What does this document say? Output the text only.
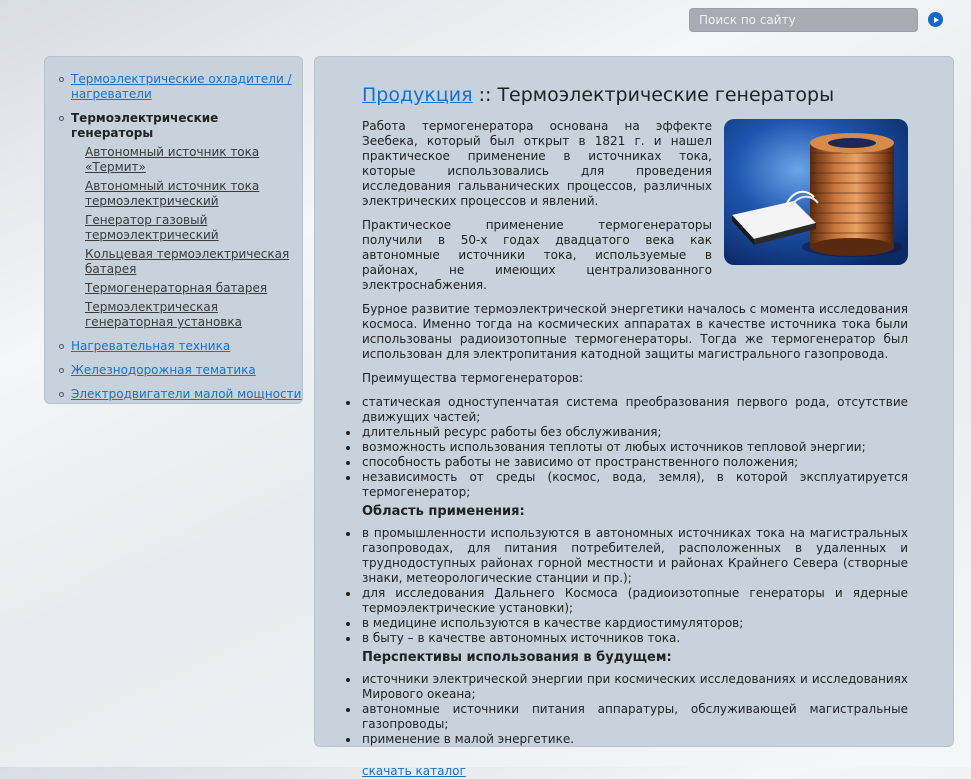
Поиск по сайту
Термоэлектрические охладители / нагреватели
Термоэлектрические генераторы
Автономный источник тока «Термит»
Автономный источник тока термоэлектрический
Генератор газовый термоэлектрический
Кольцевая термоэлектрическая батарея
Термогенераторная батарея
Термоэлектрическая генераторная установка
Нагревательная техника
Железнодорожная тематика
Электродвигатели малой мощности
Продукция :: Термоэлектрические генераторы

Работа термогенератора основана на эффекте Зеебека, который был открыт в 1821 г. и нашел практическое применение в источниках тока, которые использовались для проведения исследования гальванических процессов, различных электрических процессов и явлений.

Практическое применение термогенераторы получили в 50-х годах двадцатого века как автономные источники тока, используемые в районах, не имеющих централизованного электроснабжения.

Бурное развитие термоэлектрической энергетики началось с момента исследования космоса. Именно тогда на космических аппаратах в качестве источника тока были использованы радиоизотопные термогенераторы. Тогда же термогенератор был использован для электропитания катодной защиты магистрального газопровода.

Преимущества термогенераторов:

статическая одноступенчатая система преобразования первого рода, отсутствие движущих частей;
длительный ресурс работы без обслуживания;
возможность использования теплоты от любых источников тепловой энергии;
способность работы не зависимо от пространственного положения;
независимость от среды (космос, вода, земля), в которой эксплуатируется термогенератор;
Область применения:
в промышленности используются в автономных источниках тока на магистральных газопроводах, для питания потребителей, расположенных в удаленных и труднодоступных районах горной местности и районах Крайнего Севера (створные знаки, метеорологические станции и пр.);
для исследования Дальнего Космоса (радиоизотопные генераторы и ядерные термоэлектрические установки);
в медицине используются в качестве кардиостимуляторов;
в быту – в качестве автономных источников тока.
Перспективы использования в будущем:
источники электрической энергии при космических исследованиях и исследованиях Мирового океана;
автономные источники питания аппаратуры, обслуживающей магистральные газопроводы;
применение в малой энергетике.
скачать каталог
